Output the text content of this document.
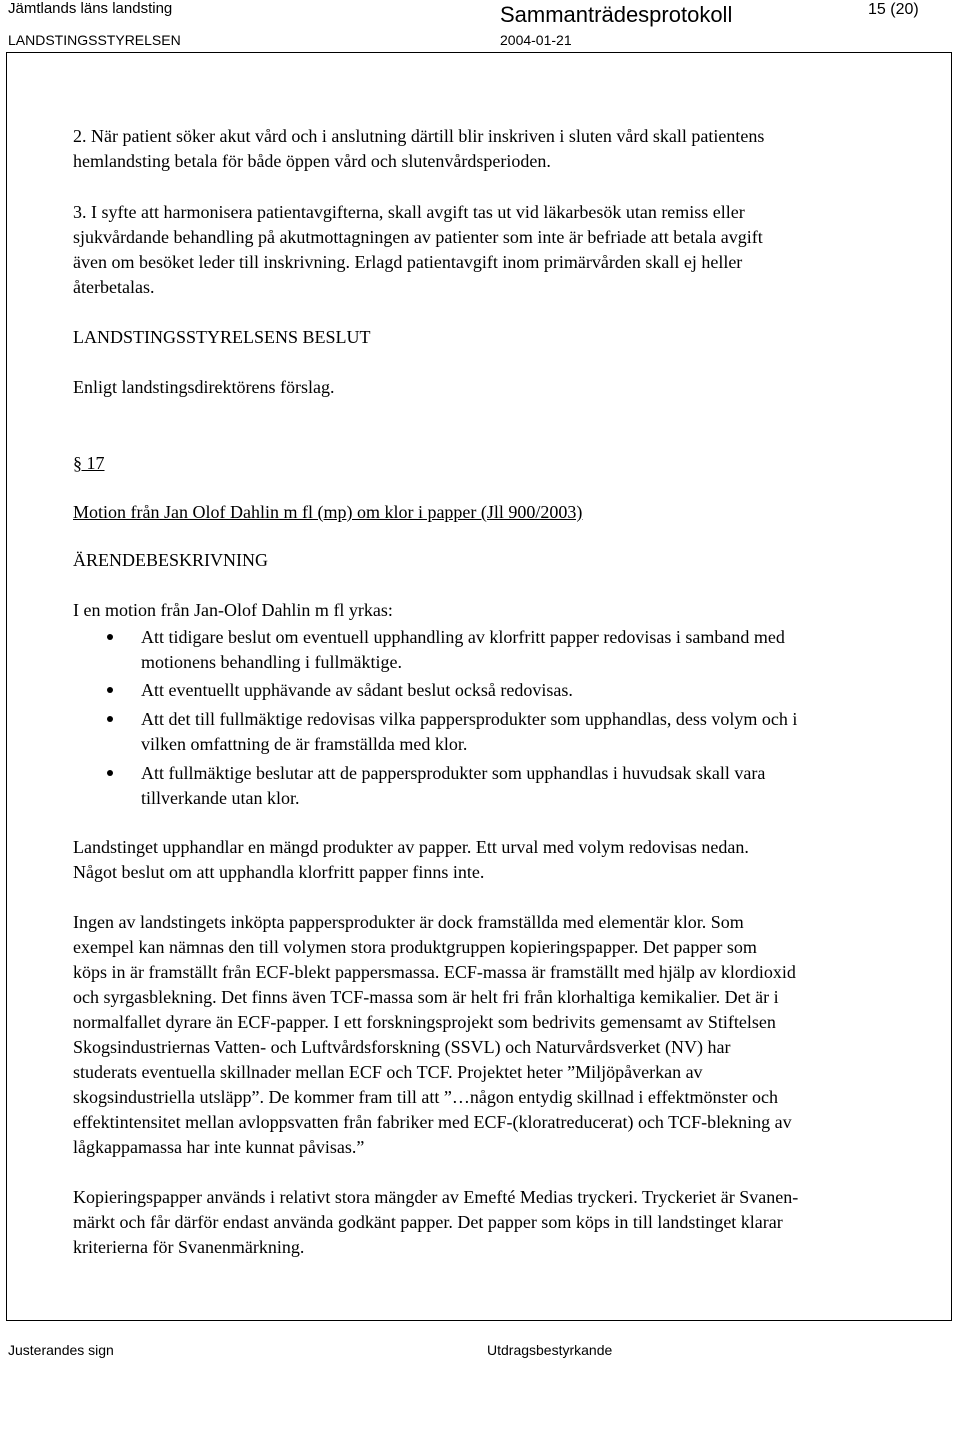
Jämtlands läns landsting	Sammanträdesprotokoll	15 (20)
LANDSTINGSSTYRELSEN	2004-01-21
2. När patient söker akut vård och i anslutning därtill blir inskriven i sluten vård skall patientens
hemlandsting betala för både öppen vård och slutenvårdsperioden.
3. I syfte att harmonisera patientavgifterna, skall avgift tas ut vid läkarbesök utan remiss eller
sjukvårdande behandling på akutmottagningen av patienter som inte är befriade att betala avgift
även om besöket leder till inskrivning. Erlagd patientavgift inom primärvården skall ej heller
återbetalas.
LANDSTINGSSTYRELSENS BESLUT
Enligt landstingsdirektörens förslag.
§ 17
Motion från Jan Olof Dahlin m fl (mp) om klor i papper (Jll 900/2003)
ÄRENDEBESKRIVNING
I en motion från Jan-Olof Dahlin m fl yrkas:
Att tidigare beslut om eventuell upphandling av klorfritt papper redovisas i samband med
motionens behandling i fullmäktige.
Att eventuellt upphävande av sådant beslut också redovisas.
Att det till fullmäktige redovisas vilka pappersprodukter som upphandlas, dess volym och i
vilken omfattning de är framställda med klor.
Att fullmäktige beslutar att de pappersprodukter som upphandlas i huvudsak skall vara
tillverkande utan klor.
Landstinget upphandlar en mängd produkter av papper. Ett urval med volym redovisas nedan.
Något beslut om att upphandla klorfritt papper finns inte.
Ingen av landstingets inköpta pappersprodukter är dock framställda med elementär klor. Som
exempel kan nämnas den till volymen stora produktgruppen kopieringspapper. Det papper som
köps in är framställt från ECF-blekt pappersmassa. ECF-massa är framställt med hjälp av klordioxid
och syrgasblekning. Det finns även TCF-massa som är helt fri från klorhaltiga kemikalier. Det är i
normalfallet dyrare än ECF-papper. I ett forskningsprojekt som bedrivits gemensamt av Stiftelsen
Skogsindustriernas Vatten- och Luftvårdsforskning (SSVL) och Naturvårdsverket (NV) har
studerats eventuella skillnader mellan ECF och TCF. Projektet heter ”Miljöpåverkan av
skogsindustriella utsläpp”. De kommer fram till att ”…någon entydig skillnad i effektmönster och
effektintensitet mellan avloppsvatten från fabriker med ECF-(kloratreducerat) och TCF-blekning av
lågkappamassa har inte kunnat påvisas.”
Kopieringspapper används i relativt stora mängder av Emefté Medias tryckeri. Tryckeriet är Svanen-
märkt och får därför endast använda godkänt papper. Det papper som köps in till landstinget klarar
kriterierna för Svanenmärkning.
Justerandes sign	Utdragsbestyrkande
